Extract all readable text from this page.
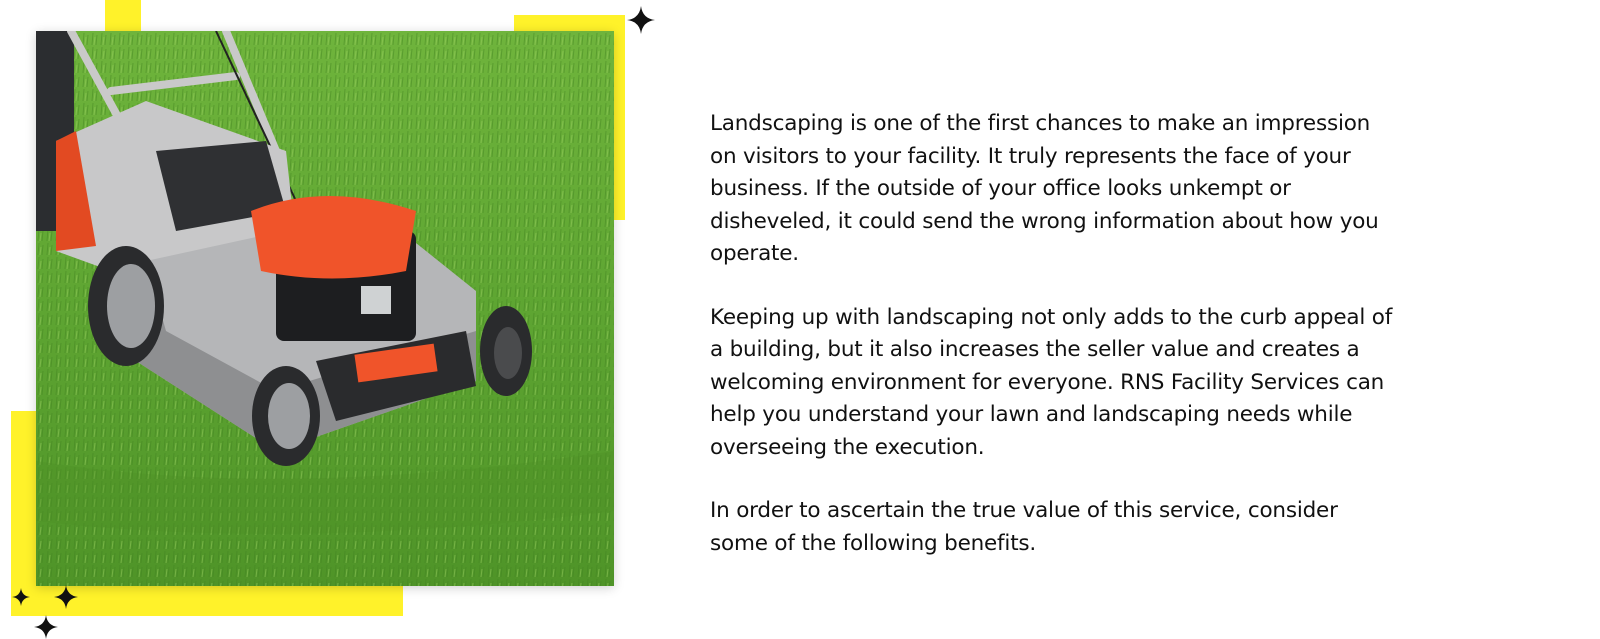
Landscaping is one of the first chances to make an impression on visitors to your facility. It truly represents the face of your business. If the outside of your office looks unkempt or disheveled, it could send the wrong information about how you operate.

Keeping up with landscaping not only adds to the curb appeal of a building, but it also increases the seller value and creates a welcoming environment for everyone. RNS Facility Services can help you understand your lawn and landscaping needs while overseeing the execution.

In order to ascertain the true value of this service, consider some of the following benefits.
